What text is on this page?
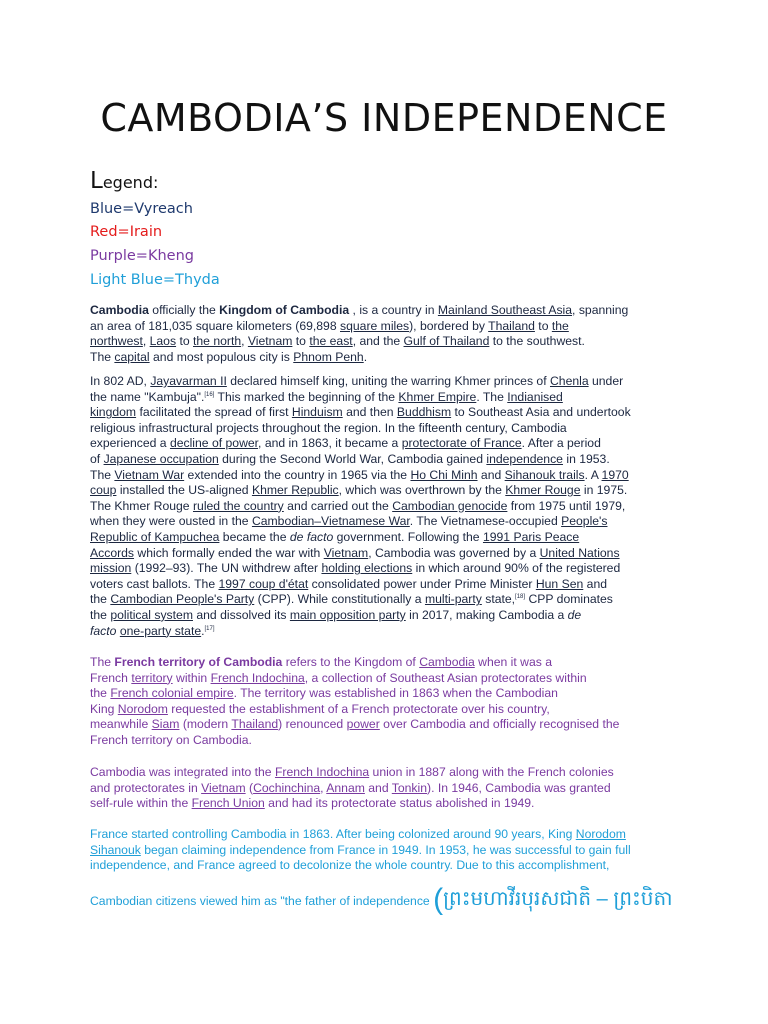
CAMBODIA’S INDEPENDENCE
Legend:
Blue=Vyreach
Red=Irain
Purple=Kheng
Light Blue=Thyda
Cambodia officially the Kingdom of Cambodia , is a country in Mainland Southeast Asia, spanning
an area of 181,035 square kilometers (69,898 square miles), bordered by Thailand to the
northwest, Laos to the north, Vietnam to the east, and the Gulf of Thailand to the southwest.
The capital and most populous city is Phnom Penh.
In 802 AD, Jayavarman II declared himself king, uniting the warring Khmer princes of Chenla under
the name "Kambuja".[16] This marked the beginning of the Khmer Empire. The Indianised
kingdom facilitated the spread of first Hinduism and then Buddhism to Southeast Asia and undertook
religious infrastructural projects throughout the region. In the fifteenth century, Cambodia
experienced a decline of power, and in 1863, it became a protectorate of France. After a period
of Japanese occupation during the Second World War, Cambodia gained independence in 1953.
The Vietnam War extended into the country in 1965 via the Ho Chi Minh and Sihanouk trails. A 1970
coup installed the US-aligned Khmer Republic, which was overthrown by the Khmer Rouge in 1975.
The Khmer Rouge ruled the country and carried out the Cambodian genocide from 1975 until 1979,
when they were ousted in the Cambodian–Vietnamese War. The Vietnamese-occupied People's
Republic of Kampuchea became the de facto government. Following the 1991 Paris Peace
Accords which formally ended the war with Vietnam, Cambodia was governed by a United Nations
mission (1992–93). The UN withdrew after holding elections in which around 90% of the registered
voters cast ballots. The 1997 coup d'état consolidated power under Prime Minister Hun Sen and
the Cambodian People's Party (CPP). While constitutionally a multi-party state,[18] CPP dominates
the political system and dissolved its main opposition party in 2017, making Cambodia a de
facto one-party state.[17]
The French territory of Cambodia refers to the Kingdom of Cambodia when it was a
French territory within French Indochina, a collection of Southeast Asian protectorates within
the French colonial empire. The territory was established in 1863 when the Cambodian
King Norodom requested the establishment of a French protectorate over his country,
meanwhile Siam (modern Thailand) renounced power over Cambodia and officially recognised the
French territory on Cambodia.
Cambodia was integrated into the French Indochina union in 1887 along with the French colonies
and protectorates in Vietnam (Cochinchina, Annam and Tonkin). In 1946, Cambodia was granted
self-rule within the French Union and had its protectorate status abolished in 1949.
France started controlling Cambodia in 1863. After being colonized around 90 years, King Norodom
Sihanouk began claiming independence from France in 1949. In 1953, he was successful to gain full
independence, and France agreed to decolonize the whole country. Due to this accomplishment,
Cambodian citizens viewed him as "the father of independence (ព្រះមហាវីរបុរសជាតិ – ព្រះបិតា
